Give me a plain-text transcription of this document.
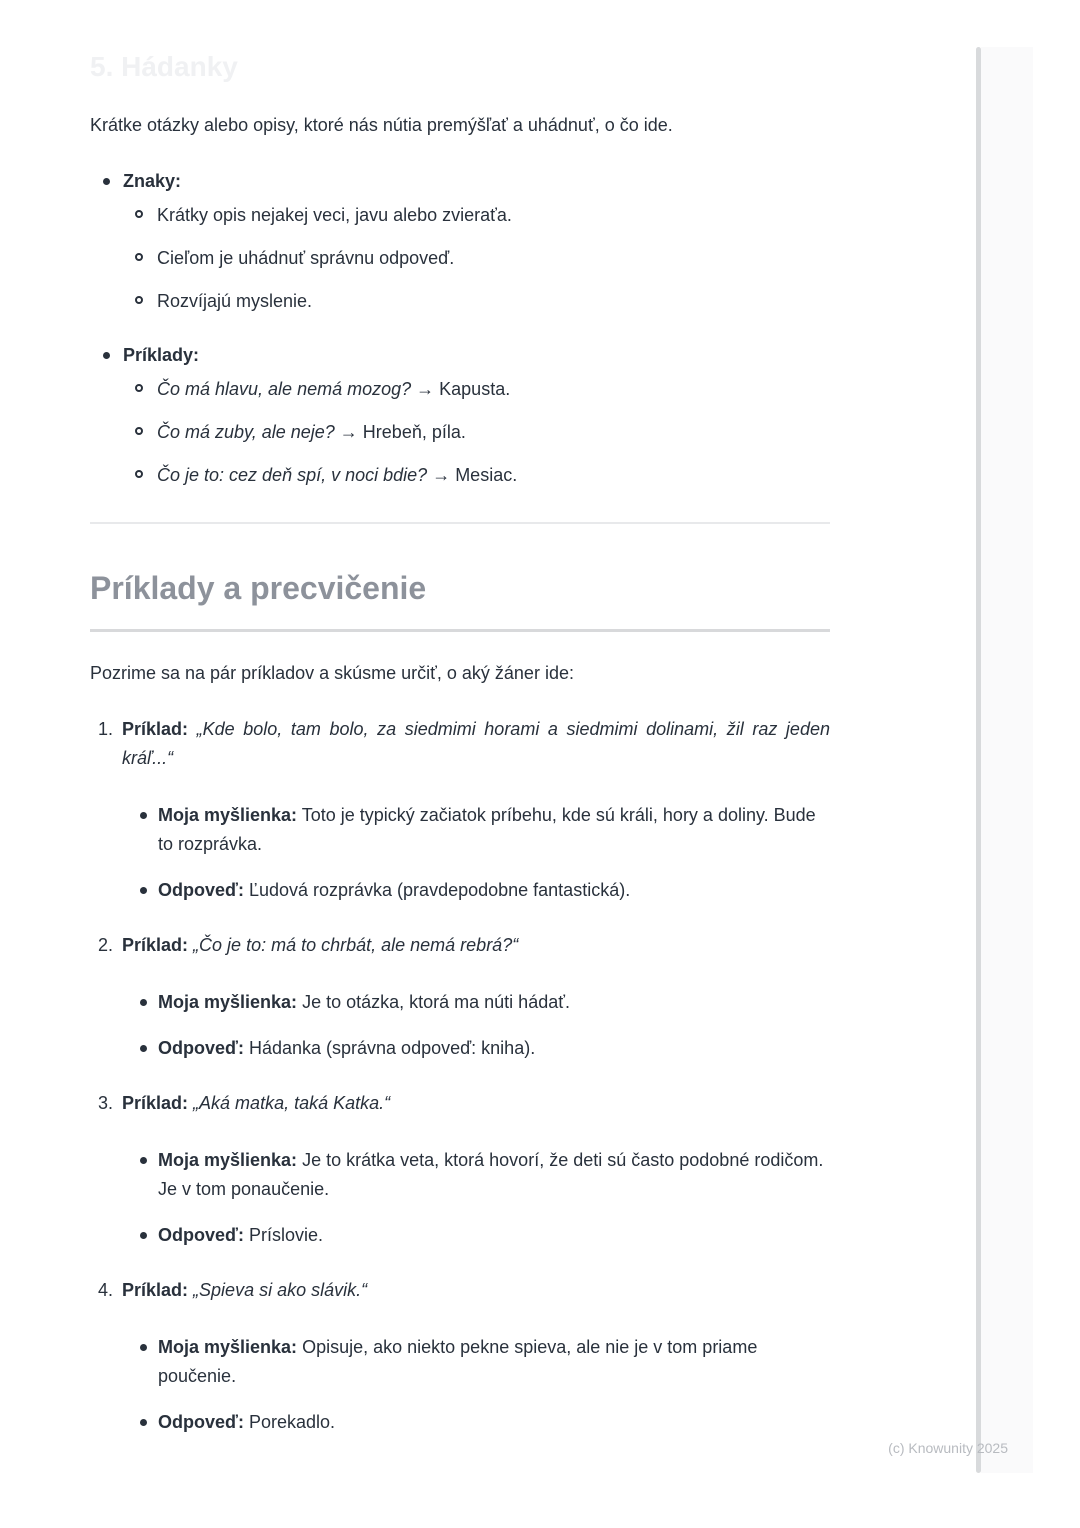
5. Hádanky

Krátke otázky alebo opisy, ktoré nás nútia premýšľať a uhádnuť, o čo ide.

Znaky:
Krátky opis nejakej veci, javu alebo zvieraťa.
Cieľom je uhádnuť správnu odpoveď.
Rozvíjajú myslenie.
Príklady:
Čo má hlavu, ale nemá mozog? → Kapusta.
Čo má zuby, ale neje? → Hrebeň, píla.
Čo je to: cez deň spí, v noci bdie? → Mesiac.
Príklady a precvičenie

Pozrime sa na pár príkladov a skúsme určiť, o aký žáner ide:

1. Príklad: „Kde bolo, tam bolo, za siedmimi horami a siedmimi dolinami, žil raz jeden kráľ...“

Moja myšlienka: Toto je typický začiatok príbehu, kde sú králi, hory a doliny. Bude to rozprávka.

Odpoveď: Ľudová rozprávka (pravdepodobne fantastická).

2. Príklad: „Čo je to: má to chrbát, ale nemá rebrá?“

Moja myšlienka: Je to otázka, ktorá ma núti hádať.

Odpoveď: Hádanka (správna odpoveď: kniha).

3. Príklad: „Aká matka, taká Katka.“

Moja myšlienka: Je to krátka veta, ktorá hovorí, že deti sú často podobné rodičom. Je v tom ponaučenie.

Odpoveď: Príslovie.

4. Príklad: „Spieva si ako slávik.“

Moja myšlienka: Opisuje, ako niekto pekne spieva, ale nie je v tom priame poučenie.

Odpoveď: Porekadlo.

(c) Knowunity 2025
